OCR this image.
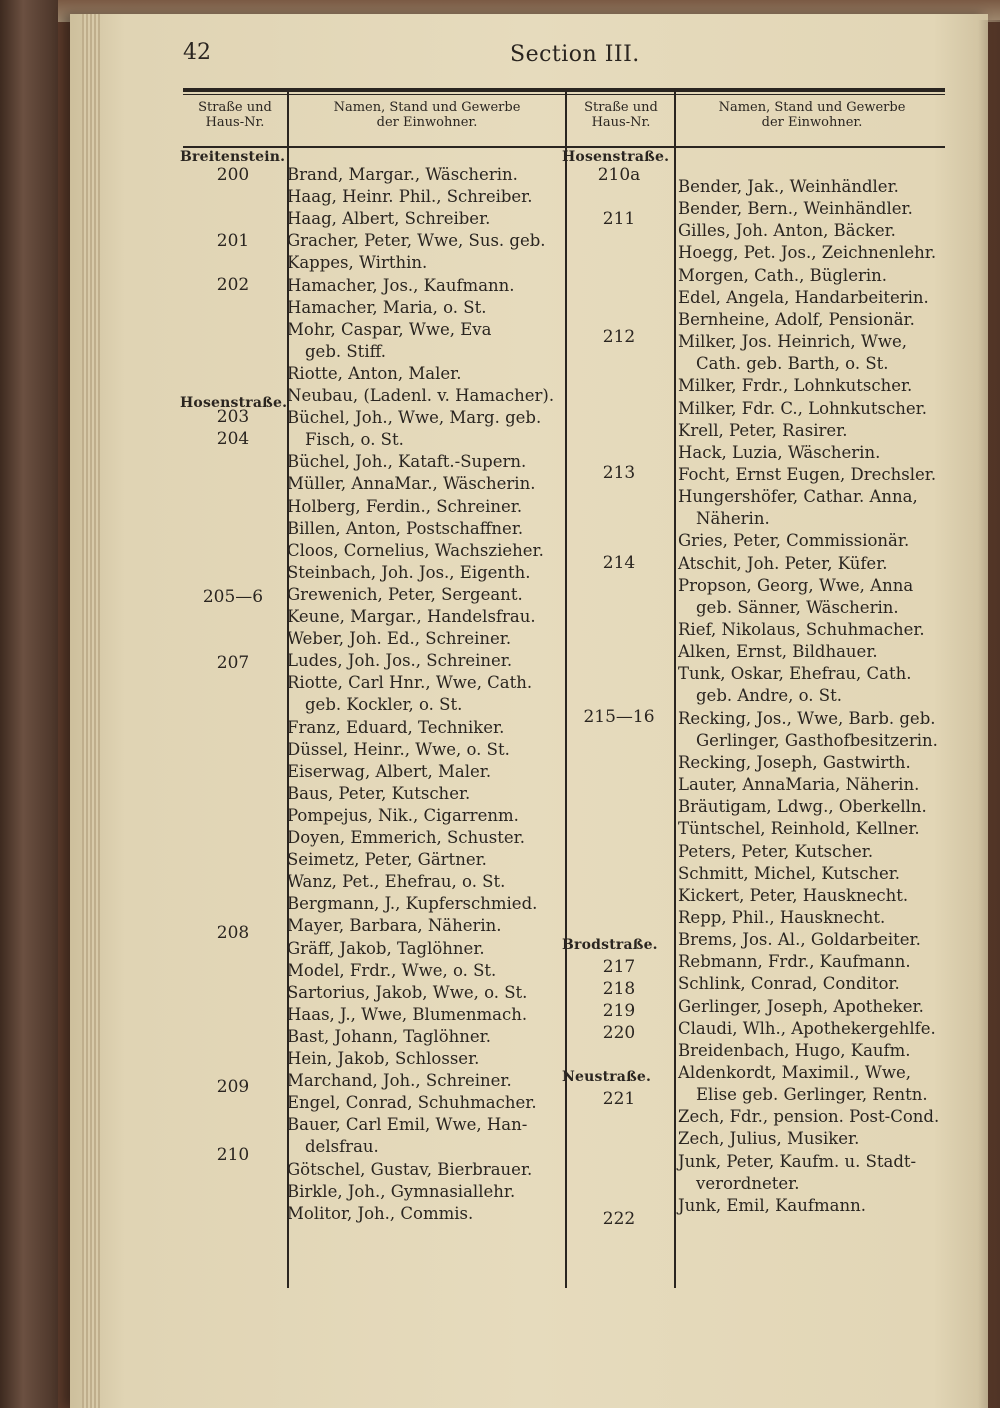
42	Section III.
Straße und
Haus-Nr.
Namen, Stand und Gewerbe
der Einwohner.
Straße und
Haus-Nr.
Namen, Stand und Gewerbe
der Einwohner.
Brand, Margar., Wäscherin.
Haag, Heinr. Phil., Schreiber.
Haag, Albert, Schreiber.
Gracher, Peter, Wwe, Sus. geb.
Kappes, Wirthin.
Hamacher, Jos., Kaufmann.
Hamacher, Maria, o. St.
Mohr, Caspar, Wwe, Eva
geb. Stiff.
Riotte, Anton, Maler.
Neubau, (Ladenl. v. Hamacher).
Büchel, Joh., Wwe, Marg. geb.
Fisch, o. St.
Büchel, Joh., Kataft.-Supern.
Müller, AnnaMar., Wäscherin.
Holberg, Ferdin., Schreiner.
Billen, Anton, Postschaffner.
Cloos, Cornelius, Wachszieher.
Steinbach, Joh. Jos., Eigenth.
Grewenich, Peter, Sergeant.
Keune, Margar., Handelsfrau.
Weber, Joh. Ed., Schreiner.
Ludes, Joh. Jos., Schreiner.
Riotte, Carl Hnr., Wwe, Cath.
geb. Kockler, o. St.
Franz, Eduard, Techniker.
Düssel, Heinr., Wwe, o. St.
Eiserwag, Albert, Maler.
Baus, Peter, Kutscher.
Pompejus, Nik., Cigarrenm.
Doyen, Emmerich, Schuster.
Seimetz, Peter, Gärtner.
Wanz, Pet., Ehefrau, o. St.
Bergmann, J., Kupferschmied.
Mayer, Barbara, Näherin.
Gräff, Jakob, Taglöhner.
Model, Frdr., Wwe, o. St.
Sartorius, Jakob, Wwe, o. St.
Haas, J., Wwe, Blumenmach.
Bast, Johann, Taglöhner.
Hein, Jakob, Schlosser.
Marchand, Joh., Schreiner.
Engel, Conrad, Schuhmacher.
Bauer, Carl Emil, Wwe, Han-
delsfrau.
Götschel, Gustav, Bierbrauer.
Birkle, Joh., Gymnasiallehr.
Molitor, Joh., Commis.
Breitenstein.
Hosenstraße.
200
201
202
203
204
205—6
207
208
209
210
Bender, Jak., Weinhändler.
Bender, Bern., Weinhändler.
Gilles, Joh. Anton, Bäcker.
Hoegg, Pet. Jos., Zeichnenlehr.
Morgen, Cath., Büglerin.
Edel, Angela, Handarbeiterin.
Bernheine, Adolf, Pensionär.
Milker, Jos. Heinrich, Wwe,
Cath. geb. Barth, o. St.
Milker, Frdr., Lohnkutscher.
Milker, Fdr. C., Lohnkutscher.
Krell, Peter, Rasirer.
Hack, Luzia, Wäscherin.
Focht, Ernst Eugen, Drechsler.
Hungershöfer, Cathar. Anna,
Näherin.
Gries, Peter, Commissionär.
Atschit, Joh. Peter, Küfer.
Propson, Georg, Wwe, Anna
geb. Sänner, Wäscherin.
Rief, Nikolaus, Schuhmacher.
Alken, Ernst, Bildhauer.
Tunk, Oskar, Ehefrau, Cath.
geb. Andre, o. St.
Recking, Jos., Wwe, Barb. geb.
Gerlinger, Gasthofbesitzerin.
Recking, Joseph, Gastwirth.
Lauter, AnnaMaria, Näherin.
Bräutigam, Ldwg., Oberkelln.
Tüntschel, Reinhold, Kellner.
Peters, Peter, Kutscher.
Schmitt, Michel, Kutscher.
Kickert, Peter, Hausknecht.
Repp, Phil., Hausknecht.
Brems, Jos. Al., Goldarbeiter.
Rebmann, Frdr., Kaufmann.
Schlink, Conrad, Conditor.
Gerlinger, Joseph, Apotheker.
Claudi, Wlh., Apothekergehlfe.
Breidenbach, Hugo, Kaufm.
Aldenkordt, Maximil., Wwe,
Elise geb. Gerlinger, Rentn.
Zech, Fdr., pension. Post-Cond.
Zech, Julius, Musiker.
Junk, Peter, Kaufm. u. Stadt-
verordneter.
Junk, Emil, Kaufmann.
Hosenstraße.
Brodstraße.
Neustraße.
210a
211
212
213
214
215—16
217
218
219
220
221
222
